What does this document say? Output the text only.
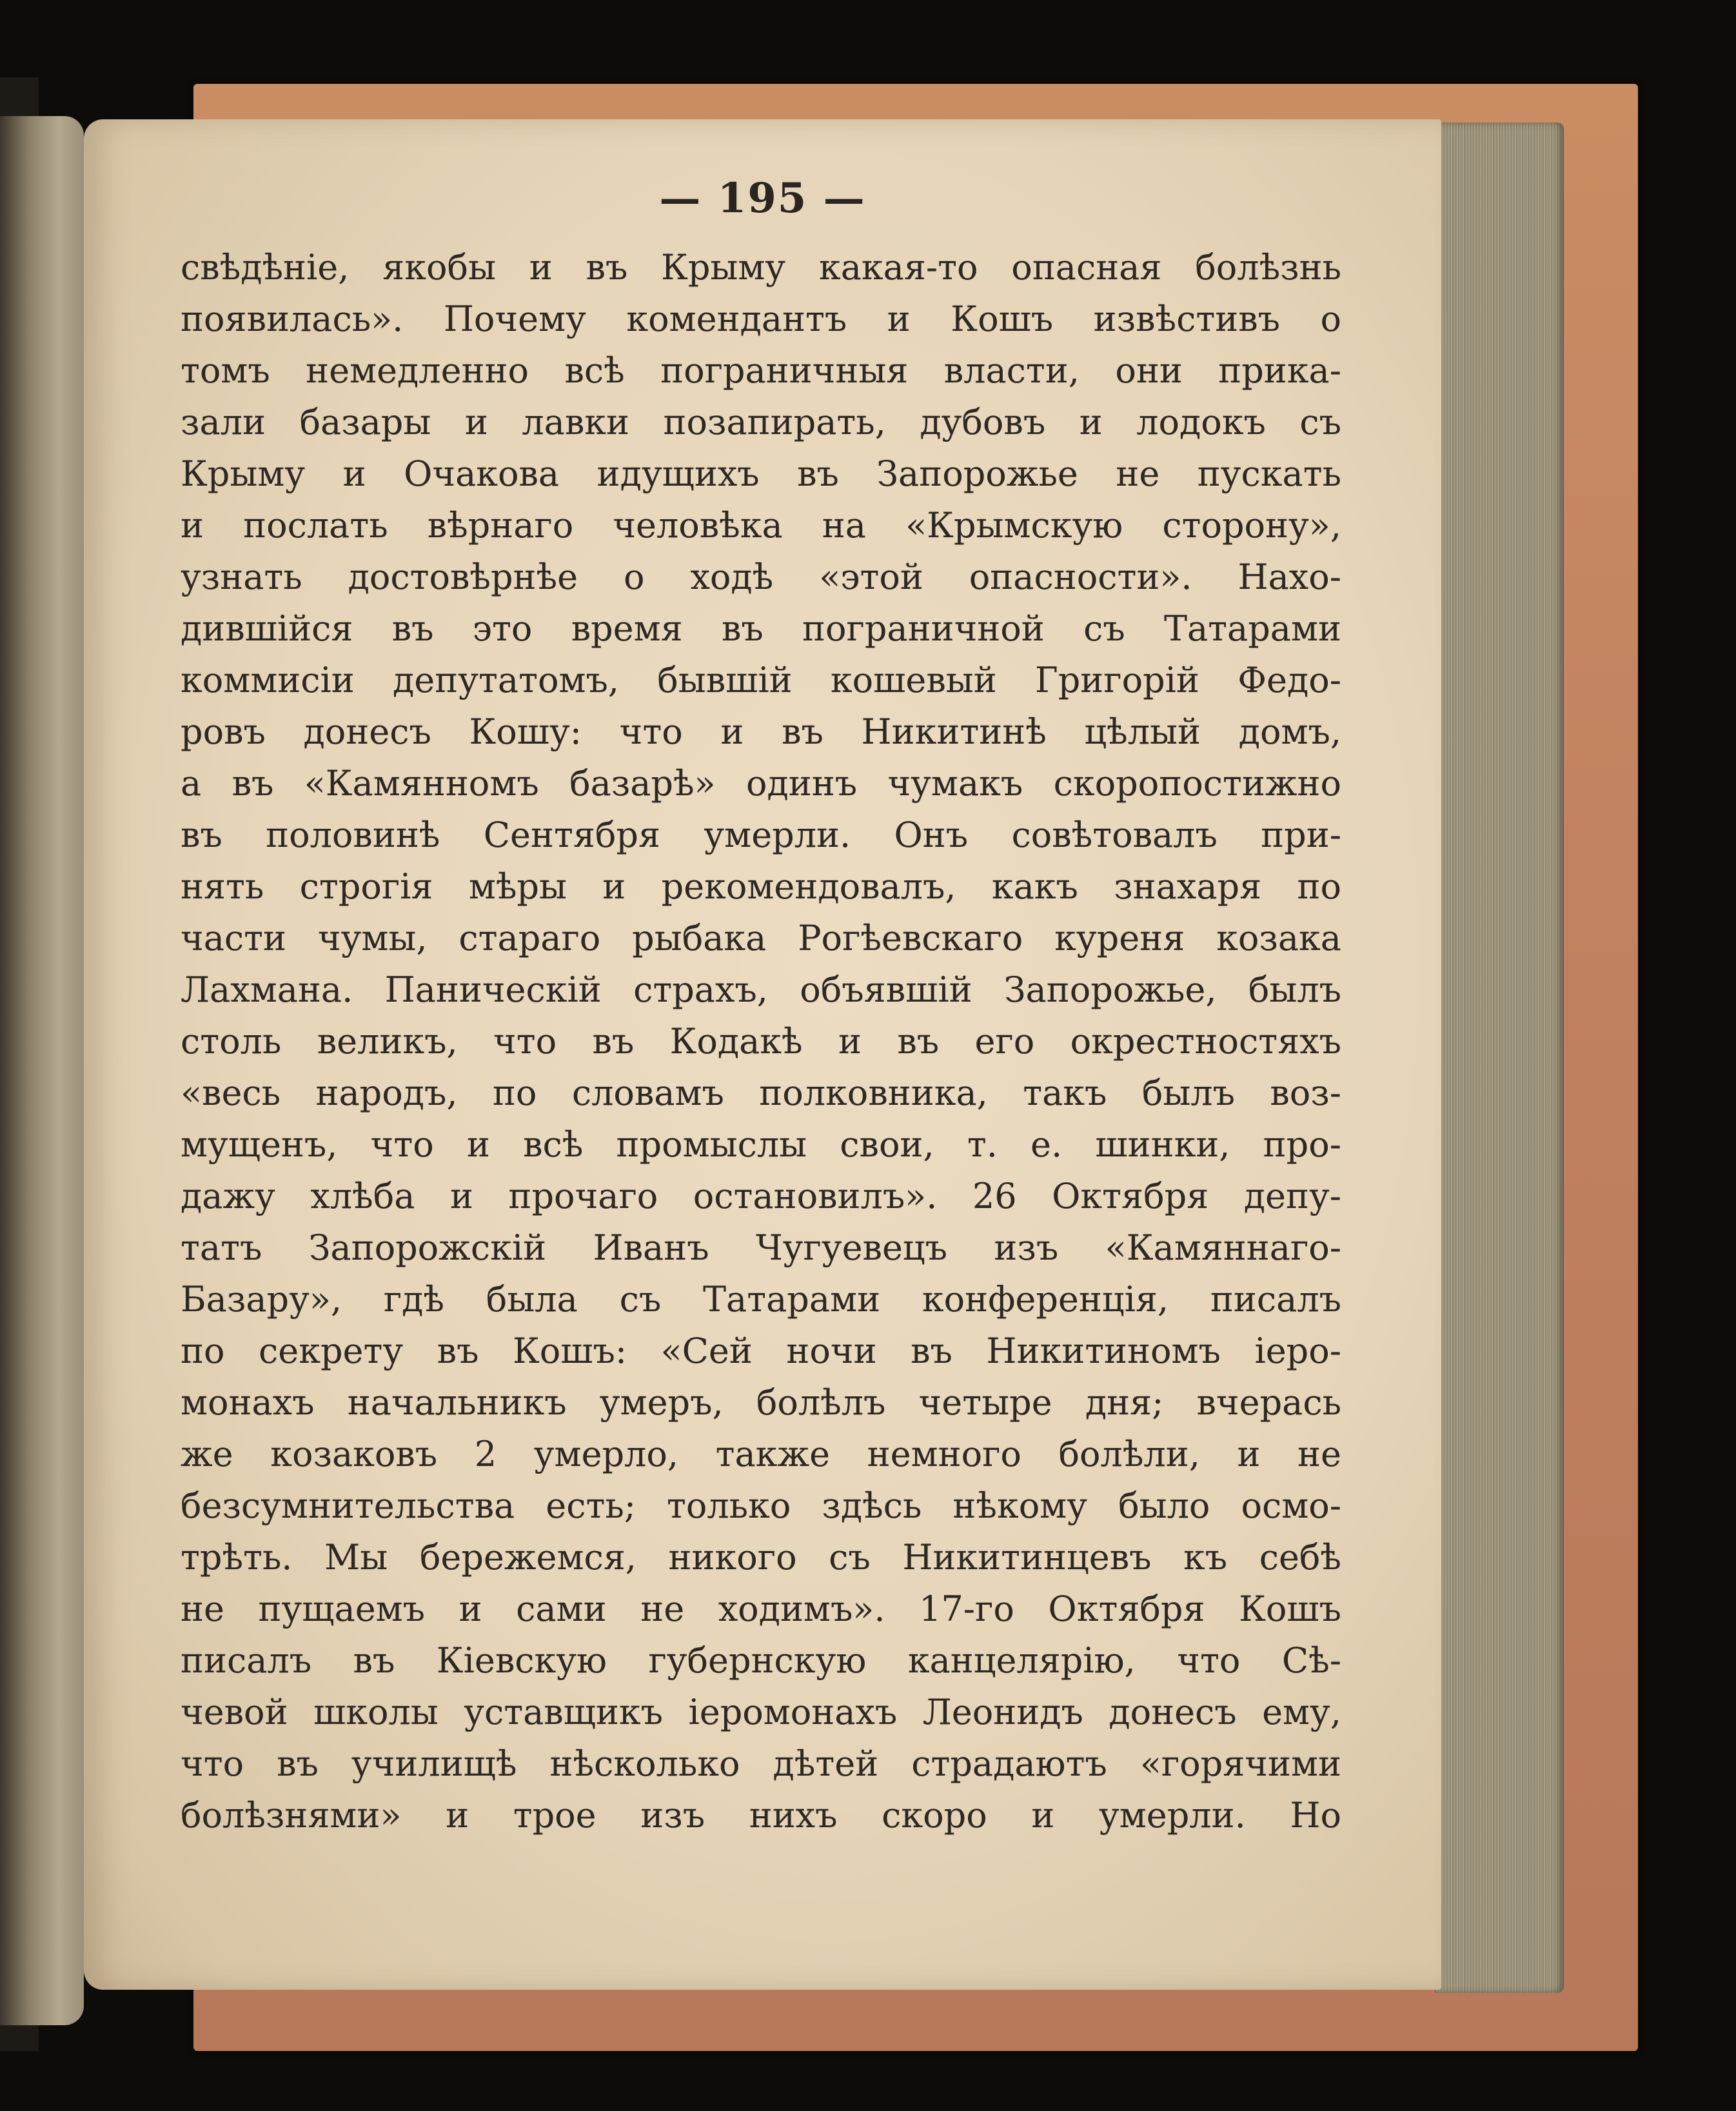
— 195 —
свѣдѣніе, якобы и въ Крыму какая-то опасная болѣзнь
появилась». Почему комендантъ и Кошъ извѣстивъ о
томъ немедленно всѣ пограничныя власти, они прика-
зали базары и лавки позапирать, дубовъ и лодокъ съ
Крыму и Очакова идущихъ въ Запорожье не пускать
и послать вѣрнаго человѣка на «Крымскую сторону»,
узнать достовѣрнѣе о ходѣ «этой опасности». Нахо-
дившійся въ это время въ пограничной съ Татарами
коммисіи депутатомъ, бывшій кошевый Григорій Федо-
ровъ донесъ Кошу: что и въ Никитинѣ цѣлый домъ,
а въ «Камянномъ базарѣ» одинъ чумакъ скоропостижно
въ половинѣ Сентября умерли. Онъ совѣтовалъ при-
нять строгія мѣры и рекомендовалъ, какъ знахаря по
части чумы, стараго рыбака Рогѣевскаго куреня козака
Лахмана. Паническій страхъ, объявшій Запорожье, былъ
столь великъ, что въ Кодакѣ и въ его окрестностяхъ
«весь народъ, по словамъ полковника, такъ былъ воз-
мущенъ, что и всѣ промыслы свои, т. е. шинки, про-
дажу хлѣба и прочаго остановилъ». 26 Октября депу-
татъ Запорожскій Иванъ Чугуевецъ изъ «Камяннаго-
Базару», гдѣ была съ Татарами конференція, писалъ
по секрету въ Кошъ: «Сей ночи въ Никитиномъ іеро-
монахъ начальникъ умеръ, болѣлъ четыре дня; вчерась
же козаковъ 2 умерло, также немного болѣли, и не
безсумнительства есть; только здѣсь нѣкому было осмо-
трѣть. Мы бережемся, никого съ Никитинцевъ къ себѣ
не пущаемъ и сами не ходимъ». 17-го Октября Кошъ
писалъ въ Кіевскую губернскую канцелярію, что Сѣ-
чевой школы уставщикъ іеромонахъ Леонидъ донесъ ему,
что въ училищѣ нѣсколько дѣтей страдаютъ «горячими
болѣзнями» и трое изъ нихъ скоро и умерли. Но
